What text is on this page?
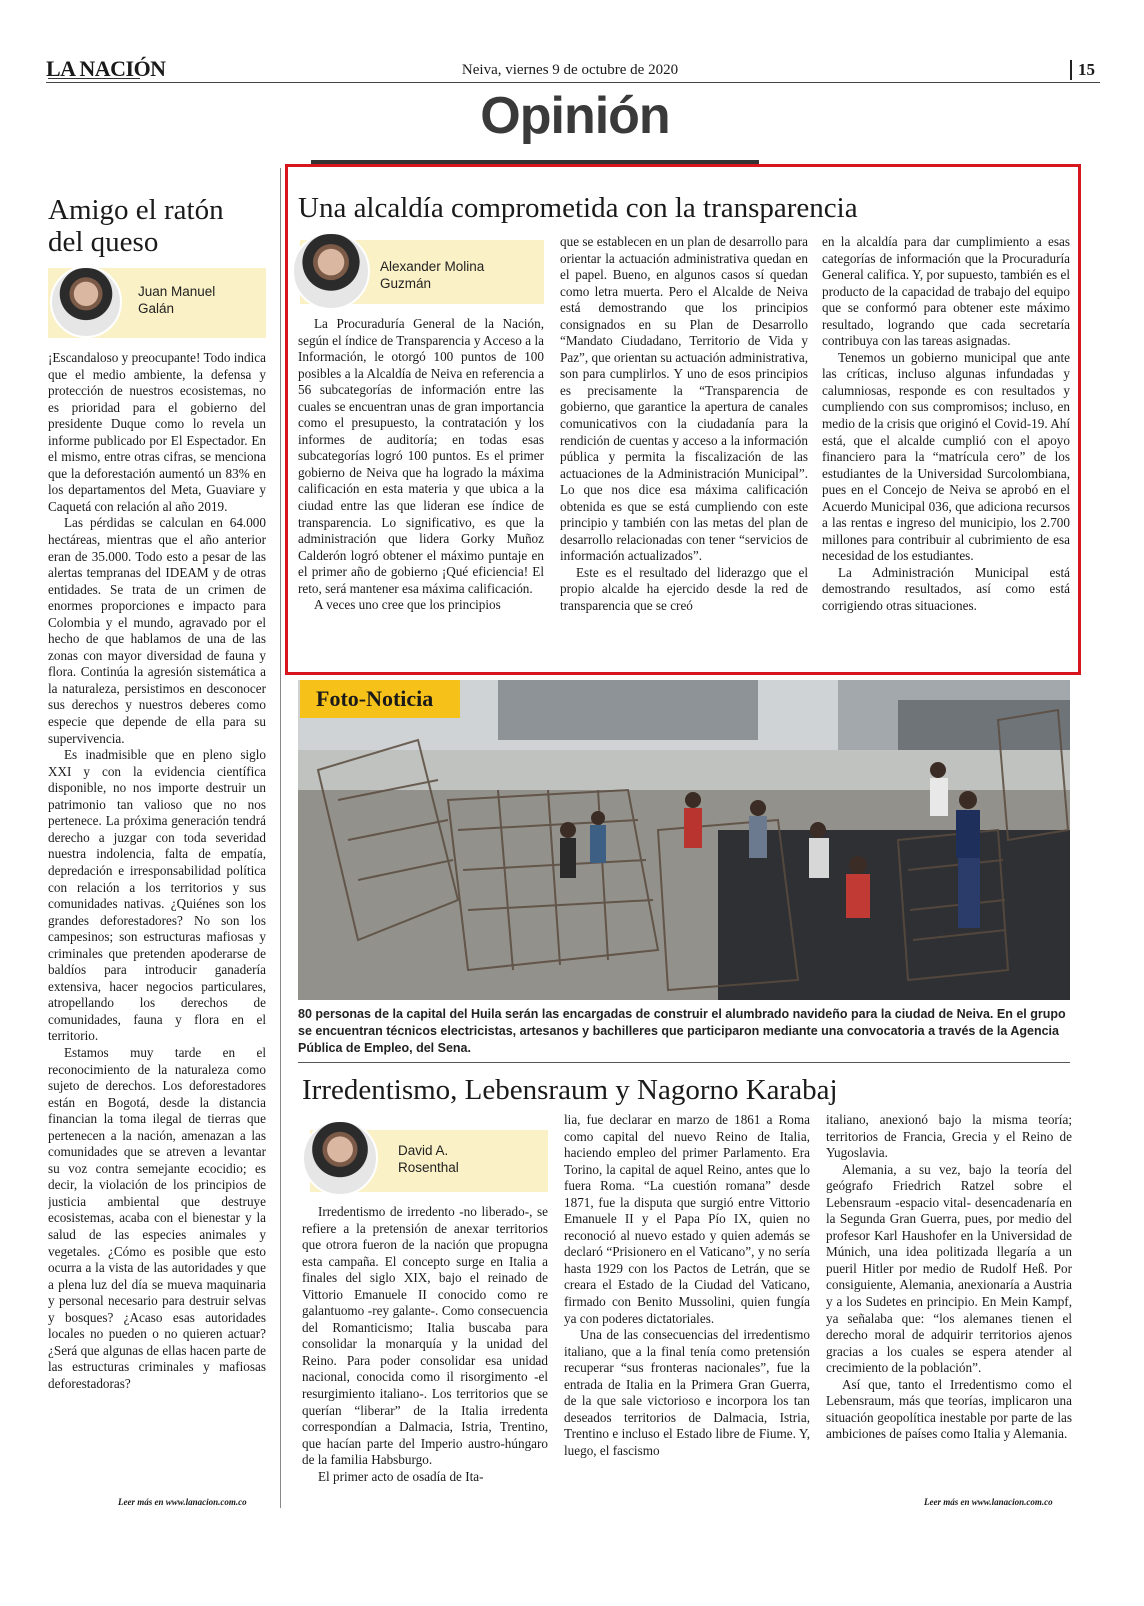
LA NACIÓN	Neiva, viernes 9 de octubre de 2020	15
Opinión
Amigo el ratón
del queso
Juan Manuel
Galán

¡Escandaloso y preocupante! Todo indica que el medio ambiente, la defensa y protección de nuestros ecosistemas, no es prioridad para el gobierno del presidente Duque como lo revela un informe publicado por El Espectador. En el mismo, entre otras cifras, se menciona que la deforestación aumentó un 83% en los departamentos del Meta, Guaviare y Caquetá con relación al año 2019.

Las pérdidas se calculan en 64.000 hectáreas, mientras que el año anterior eran de 35.000. Todo esto a pesar de las alertas tempranas del IDEAM y de otras entidades. Se trata de un crimen de enormes proporciones e impacto para Colombia y el mundo, agravado por el hecho de que hablamos de una de las zonas con mayor diversidad de fauna y flora. Continúa la agresión sistemática a la naturaleza, persistimos en desconocer sus derechos y nuestros deberes como especie que depende de ella para su supervivencia.

Es inadmisible que en pleno siglo XXI y con la evidencia científica disponible, no nos importe destruir un patrimonio tan valioso que no nos pertenece. La próxima generación tendrá derecho a juzgar con toda severidad nuestra indolencia, falta de empatía, depredación e irresponsabilidad política con relación a los territorios y sus comunidades nativas. ¿Quiénes son los grandes deforestadores? No son los campesinos; son estructuras mafiosas y criminales que pretenden apoderarse de baldíos para introducir ganadería extensiva, hacer negocios particulares, atropellando los derechos de comunidades, fauna y flora en el territorio.

Estamos muy tarde en el reconocimiento de la naturaleza como sujeto de derechos. Los deforestadores están en Bogotá, desde la distancia financian la toma ilegal de tierras que pertenecen a la nación, amenazan a las comunidades que se atreven a levantar su voz contra semejante ecocidio; es decir, la violación de los principios de justicia ambiental que destruye ecosistemas, acaba con el bienestar y la salud de las especies animales y vegetales. ¿Cómo es posible que esto ocurra a la vista de las autoridades y que a plena luz del día se mueva maquinaria y personal necesario para destruir selvas y bosques? ¿Acaso esas autoridades locales no pueden o no quieren actuar? ¿Será que algunas de ellas hacen parte de las estructuras criminales y mafiosas deforestadoras?

Leer más en www.lanacion.com.co
Una alcaldía comprometida con la transparencia
Alexander Molina
Guzmán

La Procuraduría General de la Nación, según el índice de Transparencia y Acceso a la Información, le otorgó 100 puntos de 100 posibles a la Alcaldía de Neiva en referencia a 56 subcategorías de información entre las cuales se encuentran unas de gran importancia como el presupuesto, la contratación y los informes de auditoría; en todas esas subcategorías logró 100 puntos. Es el primer gobierno de Neiva que ha logrado la máxima calificación en esta materia y que ubica a la ciudad entre las que lideran ese índice de transparencia. Lo significativo, es que la administración que lidera Gorky Muñoz Calderón logró obtener el máximo puntaje en el primer año de gobierno ¡Qué eficiencia! El reto, será mantener esa máxima calificación.

A veces uno cree que los principios

que se establecen en un plan de desarrollo para orientar la actuación administrativa quedan en el papel. Bueno, en algunos casos sí quedan como letra muerta. Pero el Alcalde de Neiva está demostrando que los principios consignados en su Plan de Desarrollo “Mandato Ciudadano, Territorio de Vida y Paz”, que orientan su actuación administrativa, son para cumplirlos. Y uno de esos principios es precisamente la “Transparencia de gobierno, que garantice la apertura de canales comunicativos con la ciudadanía para la rendición de cuentas y acceso a la información pública y permita la fiscalización de las actuaciones de la Administración Municipal”. Lo que nos dice esa máxima calificación obtenida es que se está cumpliendo con este principio y también con las metas del plan de desarrollo relacionadas con tener “servicios de información actualizados”.

Este es el resultado del liderazgo que el propio alcalde ha ejercido desde la red de transparencia que se creó

en la alcaldía para dar cumplimiento a esas categorías de información que la Procuraduría General califica. Y, por supuesto, también es el producto de la capacidad de trabajo del equipo que se conformó para obtener este máximo resultado, logrando que cada secretaría contribuya con las tareas asignadas.

Tenemos un gobierno municipal que ante las críticas, incluso algunas infundadas y calumniosas, responde es con resultados y cumpliendo con sus compromisos; incluso, en medio de la crisis que originó el Covid-19. Ahí está, que el alcalde cumplió con el apoyo financiero para la “matrícula cero” de los estudiantes de la Universidad Surcolombiana, pues en el Concejo de Neiva se aprobó en el Acuerdo Municipal 036, que adiciona recursos a las rentas e ingreso del municipio, los 2.700 millones para contribuir al cubrimiento de esa necesidad de los estudiantes.

La Administración Municipal está demostrando resultados, así como está corrigiendo otras situaciones.

Foto-Noticia
80 personas de la capital del Huila serán las encargadas de construir el alumbrado navideño para la ciudad de Neiva. En el grupo se encuentran técnicos electricistas, artesanos y bachilleres que participaron mediante una convocatoria a través de la Agencia Pública de Empleo, del Sena.
Irredentismo, Lebensraum y Nagorno Karabaj
David A.
Rosenthal

Irredentismo de irredento -no liberado-, se refiere a la pretensión de anexar territorios que otrora fueron de la nación que propugna esta campaña. El concepto surge en Italia a finales del siglo XIX, bajo el reinado de Vittorio Emanuele II conocido como re galantuomo -rey galante-. Como consecuencia del Romanticismo; Italia buscaba para consolidar la monarquía y la unidad del Reino. Para poder consolidar esa unidad nacional, conocida como il risorgimento -el resurgimiento italiano-. Los territorios que se querían “liberar” de la Italia irredenta correspondían a Dalmacia, Istria, Trentino, que hacían parte del Imperio austro-húngaro de la familia Habsburgo.

El primer acto de osadía de Ita-

lia, fue declarar en marzo de 1861 a Roma como capital del nuevo Reino de Italia, haciendo empleo del primer Parlamento. Era Torino, la capital de aquel Reino, antes que lo fuera Roma. “La cuestión romana” desde 1871, fue la disputa que surgió entre Vittorio Emanuele II y el Papa Pío IX, quien no reconoció al nuevo estado y quien además se declaró “Prisionero en el Vaticano”, y no sería hasta 1929 con los Pactos de Letrán, que se creara el Estado de la Ciudad del Vaticano, firmado con Benito Mussolini, quien fungía ya con poderes dictatoriales.

Una de las consecuencias del irredentismo italiano, que a la final tenía como pretensión recuperar “sus fronteras nacionales”, fue la entrada de Italia en la Primera Gran Guerra, de la que sale victorioso e incorpora los tan deseados territorios de Dalmacia, Istria, Trentino e incluso el Estado libre de Fiume. Y, luego, el fascismo

italiano, anexionó bajo la misma teoría; territorios de Francia, Grecia y el Reino de Yugoslavia.

Alemania, a su vez, bajo la teoría del geógrafo Friedrich Ratzel sobre el Lebensraum -espacio vital- desencadenaría en la Segunda Gran Guerra, pues, por medio del profesor Karl Haushofer en la Universidad de Múnich, una idea politizada llegaría a un pueril Hitler por medio de Rudolf Heß. Por consiguiente, Alemania, anexionaría a Austria y a los Sudetes en principio. En Mein Kampf, ya señalaba que: “los alemanes tienen el derecho moral de adquirir territorios ajenos gracias a los cuales se espera atender al crecimiento de la población”.

Así que, tanto el Irredentismo como el Lebensraum, más que teorías, implicaron una situación geopolítica inestable por parte de las ambiciones de países como Italia y Alemania.

Leer más en www.lanacion.com.co
